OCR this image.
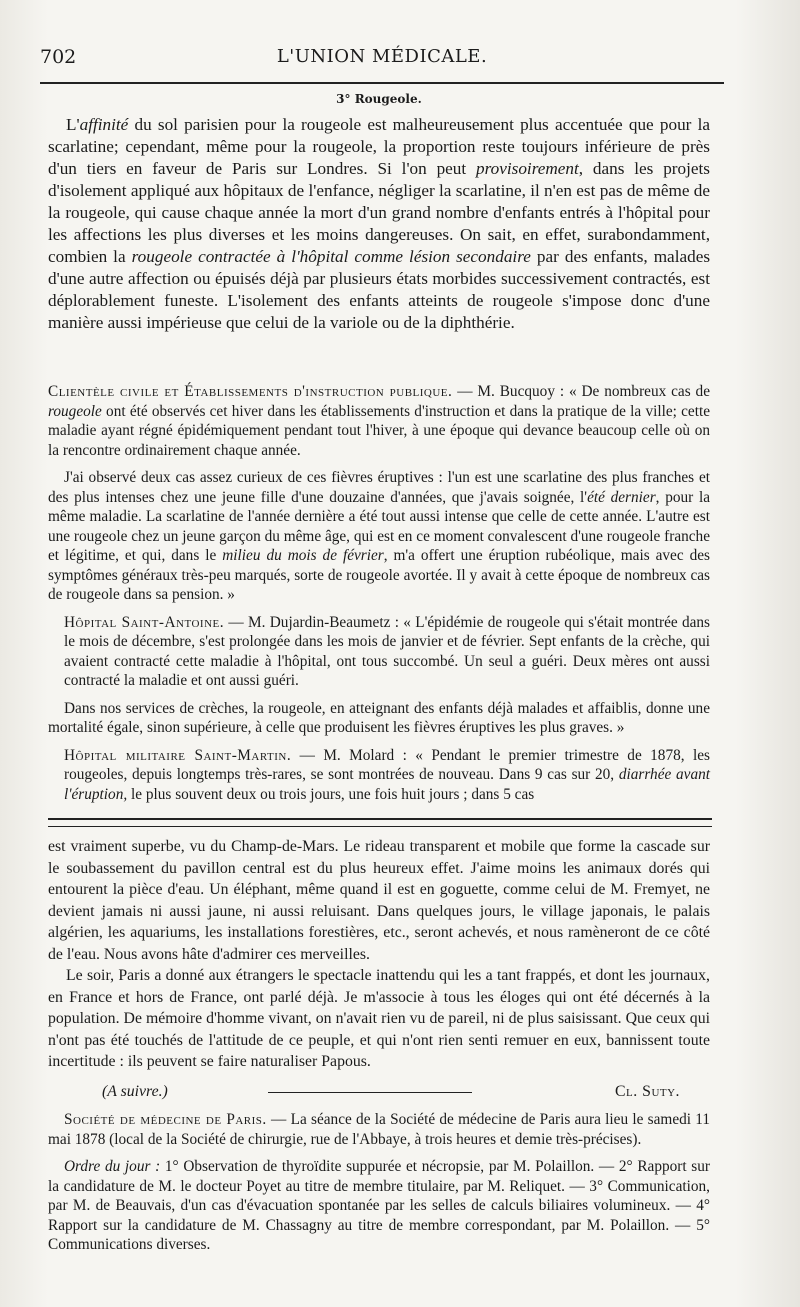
L'UNION MÉDICALE.
702
3° Rougeole.

L'affinité du sol parisien pour la rougeole est malheureusement plus accentuée que pour la scarlatine; cependant, même pour la rougeole, la proportion reste toujours inférieure de près d'un tiers en faveur de Paris sur Londres. Si l'on peut provisoirement, dans les projets d'isolement appliqué aux hôpitaux de l'enfance, négliger la scarlatine, il n'en est pas de même de la rougeole, qui cause chaque année la mort d'un grand nombre d'enfants entrés à l'hôpital pour les affections les plus diverses et les moins dangereuses. On sait, en effet, surabondamment, combien la rougeole contractée à l'hôpital comme lésion secondaire par des enfants, malades d'une autre affection ou épuisés déjà par plusieurs états morbides successivement contractés, est déplorablement funeste. L'isolement des enfants atteints de rougeole s'impose donc d'une manière aussi impérieuse que celui de la variole ou de la diphthérie.

Clientèle civile et Établissements d'instruction publique. — M. Bucquoy : « De nombreux cas de rougeole ont été observés cet hiver dans les établissements d'instruction et dans la pratique de la ville; cette maladie ayant régné épidémiquement pendant tout l'hiver, à une époque qui devance beaucoup celle où on la rencontre ordinairement chaque année.

J'ai observé deux cas assez curieux de ces fièvres éruptives : l'un est une scarlatine des plus franches et des plus intenses chez une jeune fille d'une douzaine d'années, que j'avais soignée, l'été dernier, pour la même maladie. La scarlatine de l'année dernière a été tout aussi intense que celle de cette année. L'autre est une rougeole chez un jeune garçon du même âge, qui est en ce moment convalescent d'une rougeole franche et légitime, et qui, dans le milieu du mois de février, m'a offert une éruption rubéolique, mais avec des symptômes généraux très-peu marqués, sorte de rougeole avortée. Il y avait à cette époque de nombreux cas de rougeole dans sa pension. »

Hôpital Saint-Antoine. — M. Dujardin-Beaumetz : « L'épidémie de rougeole qui s'était montrée dans le mois de décembre, s'est prolongée dans les mois de janvier et de février. Sept enfants de la crèche, qui avaient contracté cette maladie à l'hôpital, ont tous succombé. Un seul a guéri. Deux mères ont aussi contracté la maladie et ont aussi guéri.

Dans nos services de crèches, la rougeole, en atteignant des enfants déjà malades et affaiblis, donne une mortalité égale, sinon supérieure, à celle que produisent les fièvres éruptives les plus graves. »

Hôpital militaire Saint-Martin. — M. Molard : « Pendant le premier trimestre de 1878, les rougeoles, depuis longtemps très-rares, se sont montrées de nouveau. Dans 9 cas sur 20, diarrhée avant l'éruption, le plus souvent deux ou trois jours, une fois huit jours ; dans 5 cas

est vraiment superbe, vu du Champ-de-Mars. Le rideau transparent et mobile que forme la cascade sur le soubassement du pavillon central est du plus heureux effet. J'aime moins les animaux dorés qui entourent la pièce d'eau. Un éléphant, même quand il est en goguette, comme celui de M. Fremyet, ne devient jamais ni aussi jaune, ni aussi reluisant. Dans quelques jours, le village japonais, le palais algérien, les aquariums, les installations forestières, etc., seront achevés, et nous ramèneront de ce côté de l'eau. Nous avons hâte d'admirer ces merveilles.

Le soir, Paris a donné aux étrangers le spectacle inattendu qui les a tant frappés, et dont les journaux, en France et hors de France, ont parlé déjà. Je m'associe à tous les éloges qui ont été décernés à la population. De mémoire d'homme vivant, on n'avait rien vu de pareil, ni de plus saisissant. Que ceux qui n'ont pas été touchés de l'attitude de ce peuple, et qui n'ont rien senti remuer en eux, bannissent toute incertitude : ils peuvent se faire naturaliser Papous.

(A suivre.)	Cl. Suty.

Société de médecine de Paris. — La séance de la Société de médecine de Paris aura lieu le samedi 11 mai 1878 (local de la Société de chirurgie, rue de l'Abbaye, à trois heures et demie très-précises).

Ordre du jour : 1° Observation de thyroïdite suppurée et nécropsie, par M. Polaillon. — 2° Rapport sur la candidature de M. le docteur Poyet au titre de membre titulaire, par M. Reliquet. — 3° Communication, par M. de Beauvais, d'un cas d'évacuation spontanée par les selles de calculs biliaires volumineux. — 4° Rapport sur la candidature de M. Chassagny au titre de membre correspondant, par M. Polaillon. — 5° Communications diverses.
